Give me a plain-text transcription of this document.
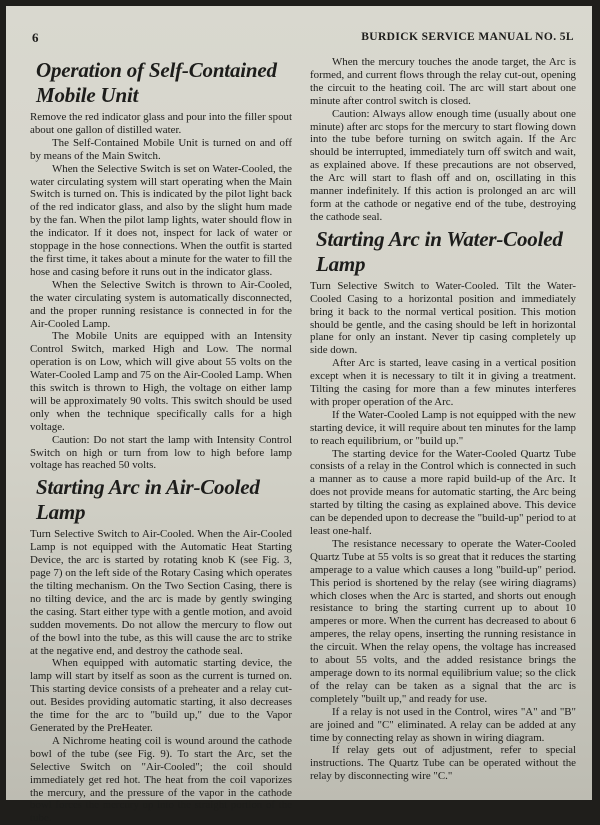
6	BURDICK SERVICE MANUAL NO. 5L
Operation of Self-Contained Mobile Unit

Remove the red indicator glass and pour into the filler spout about one gallon of distilled water.

The Self-Contained Mobile Unit is turned on and off by means of the Main Switch.

When the Selective Switch is set on Water-Cooled, the water circulating system will start operating when the Main Switch is turned on. This is indicated by the pilot light back of the red indicator glass, and also by the slight hum made by the fan. When the pilot lamp lights, water should flow in the indicator. If it does not, inspect for lack of water or stoppage in the hose connections. When the outfit is started the first time, it takes about a minute for the water to fill the hose and casing before it runs out in the indicator glass.

When the Selective Switch is thrown to Air-Cooled, the water circulating system is automatically disconnected, and the proper running resistance is connected in for the Air-Cooled Lamp.

The Mobile Units are equipped with an Intensity Control Switch, marked High and Low. The normal operation is on Low, which will give about 55 volts on the Water-Cooled Lamp and 75 on the Air-Cooled Lamp. When this switch is thrown to High, the voltage on either lamp will be approximately 90 volts. This switch should be used only when the technique specifically calls for a high voltage.

Caution: Do not start the lamp with Intensity Control Switch on high or turn from low to high before lamp voltage has reached 50 volts.

Starting Arc in Air-Cooled Lamp

Turn Selective Switch to Air-Cooled. When the Air-Cooled Lamp is not equipped with the Automatic Heat Starting Device, the arc is started by rotating knob K (see Fig. 3, page 7) on the left side of the Rotary Casing which operates the tilting mechanism. On the Two Section Casing, there is no tilting device, and the arc is made by gently swinging the casing. Start either type with a gentle motion, and avoid sudden movements. Do not allow the mercury to flow out of the bowl into the tube, as this will cause the arc to strike at the negative end, and destroy the cathode seal.

When equipped with automatic starting device, the lamp will start by itself as soon as the current is turned on. This starting device consists of a preheater and a relay cut-out. Besides providing automatic starting, it also decreases the time for the arc to "build up," due to the Vapor Generated by the PreHeater.

A Nichrome heating coil is wound around the cathode bowl of the tube (see Fig. 9). To start the Arc, set the Selective Switch on "Air-Cooled"; the coil should immediately get red hot. The heat from the coil vaporizes the mercury, and the pressure of the vapor in the cathode bowl forces the mercury up into the straight portion of the tube.

When the mercury touches the anode target, the Arc is formed, and current flows through the relay cut-out, opening the circuit to the heating coil. The arc will start about one minute after control switch is closed.

Caution: Always allow enough time (usually about one minute) after arc stops for the mercury to start flowing down into the tube before turning on switch again. If the Arc should be interrupted, immediately turn off switch and wait, as explained above. If these precautions are not observed, the Arc will start to flash off and on, oscillating in this manner indefinitely. If this action is prolonged an arc will form at the cathode or negative end of the tube, destroying the cathode seal.

Starting Arc in Water-Cooled Lamp

Turn Selective Switch to Water-Cooled. Tilt the Water-Cooled Casing to a horizontal position and immediately bring it back to the normal vertical position. This motion should be gentle, and the casing should be left in horizontal plane for only an instant. Never tip casing completely up side down.

After Arc is started, leave casing in a vertical position except when it is necessary to tilt it in giving a treatment. Tilting the casing for more than a few minutes interferes with proper operation of the Arc.

If the Water-Cooled Lamp is not equipped with the new starting device, it will require about ten minutes for the lamp to reach equilibrium, or "build up."

The starting device for the Water-Cooled Quartz Tube consists of a relay in the Control which is connected in such a manner as to cause a more rapid build-up of the Arc. It does not provide means for automatic starting, the Arc being started by tilting the casing as explained above. This device can be depended upon to decrease the "build-up" period to at least one-half.

The resistance necessary to operate the Water-Cooled Quartz Tube at 55 volts is so great that it reduces the starting amperage to a value which causes a long "build-up" period. This period is shortened by the relay (see wiring diagrams) which closes when the Arc is started, and shorts out enough resistance to bring the starting current up to about 10 amperes or more. When the current has decreased to about 6 amperes, the relay opens, inserting the running resistance in the circuit. When the relay opens, the voltage has increased to about 55 volts, and the added resistance brings the amperage down to its normal equilibrium value; so the click of the relay can be taken as a signal that the arc is completely "built up," and ready for use.

If a relay is not used in the Control, wires "A" and "B" are joined and "C" eliminated. A relay can be added at any time by connecting relay as shown in wiring diagram.

If relay gets out of adjustment, refer to special instructions. The Quartz Tube can be operated without the relay by disconnecting wire "C."
